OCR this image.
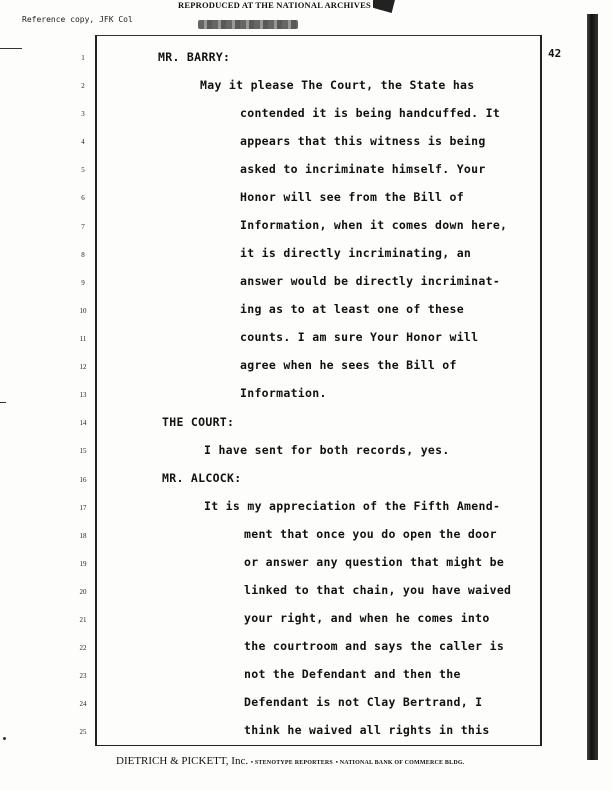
REPRODUCED AT THE NATIONAL ARCHIVES
Reference copy, JFK Col
42
1
2
3
4
5
6
7
8
9
10
11
12
13
14
15
16
17
18
19
20
21
22
23
24
25
MR. BARRY:
May it please The Court, the State has
contended it is being handcuffed. It
appears that this witness is being
asked to incriminate himself. Your
Honor will see from the Bill of
Information, when it comes down here,
it is directly incriminating, an
answer would be directly incriminat-
ing as to at least one of these
counts. I am sure Your Honor will
agree when he sees the Bill of
Information.
THE COURT:
I have sent for both records, yes.
MR. ALCOCK:
It is my appreciation of the Fifth Amend-
ment that once you do open the door
or answer any question that might be
linked to that chain, you have waived
your right, and when he comes into
the courtroom and says the caller is
not the Defendant and then the
Defendant is not Clay Bertrand, I
think he waived all rights in this
DIETRICH & PICKETT, Inc. • STENOTYPE REPORTERS • NATIONAL BANK OF COMMERCE BLDG.
